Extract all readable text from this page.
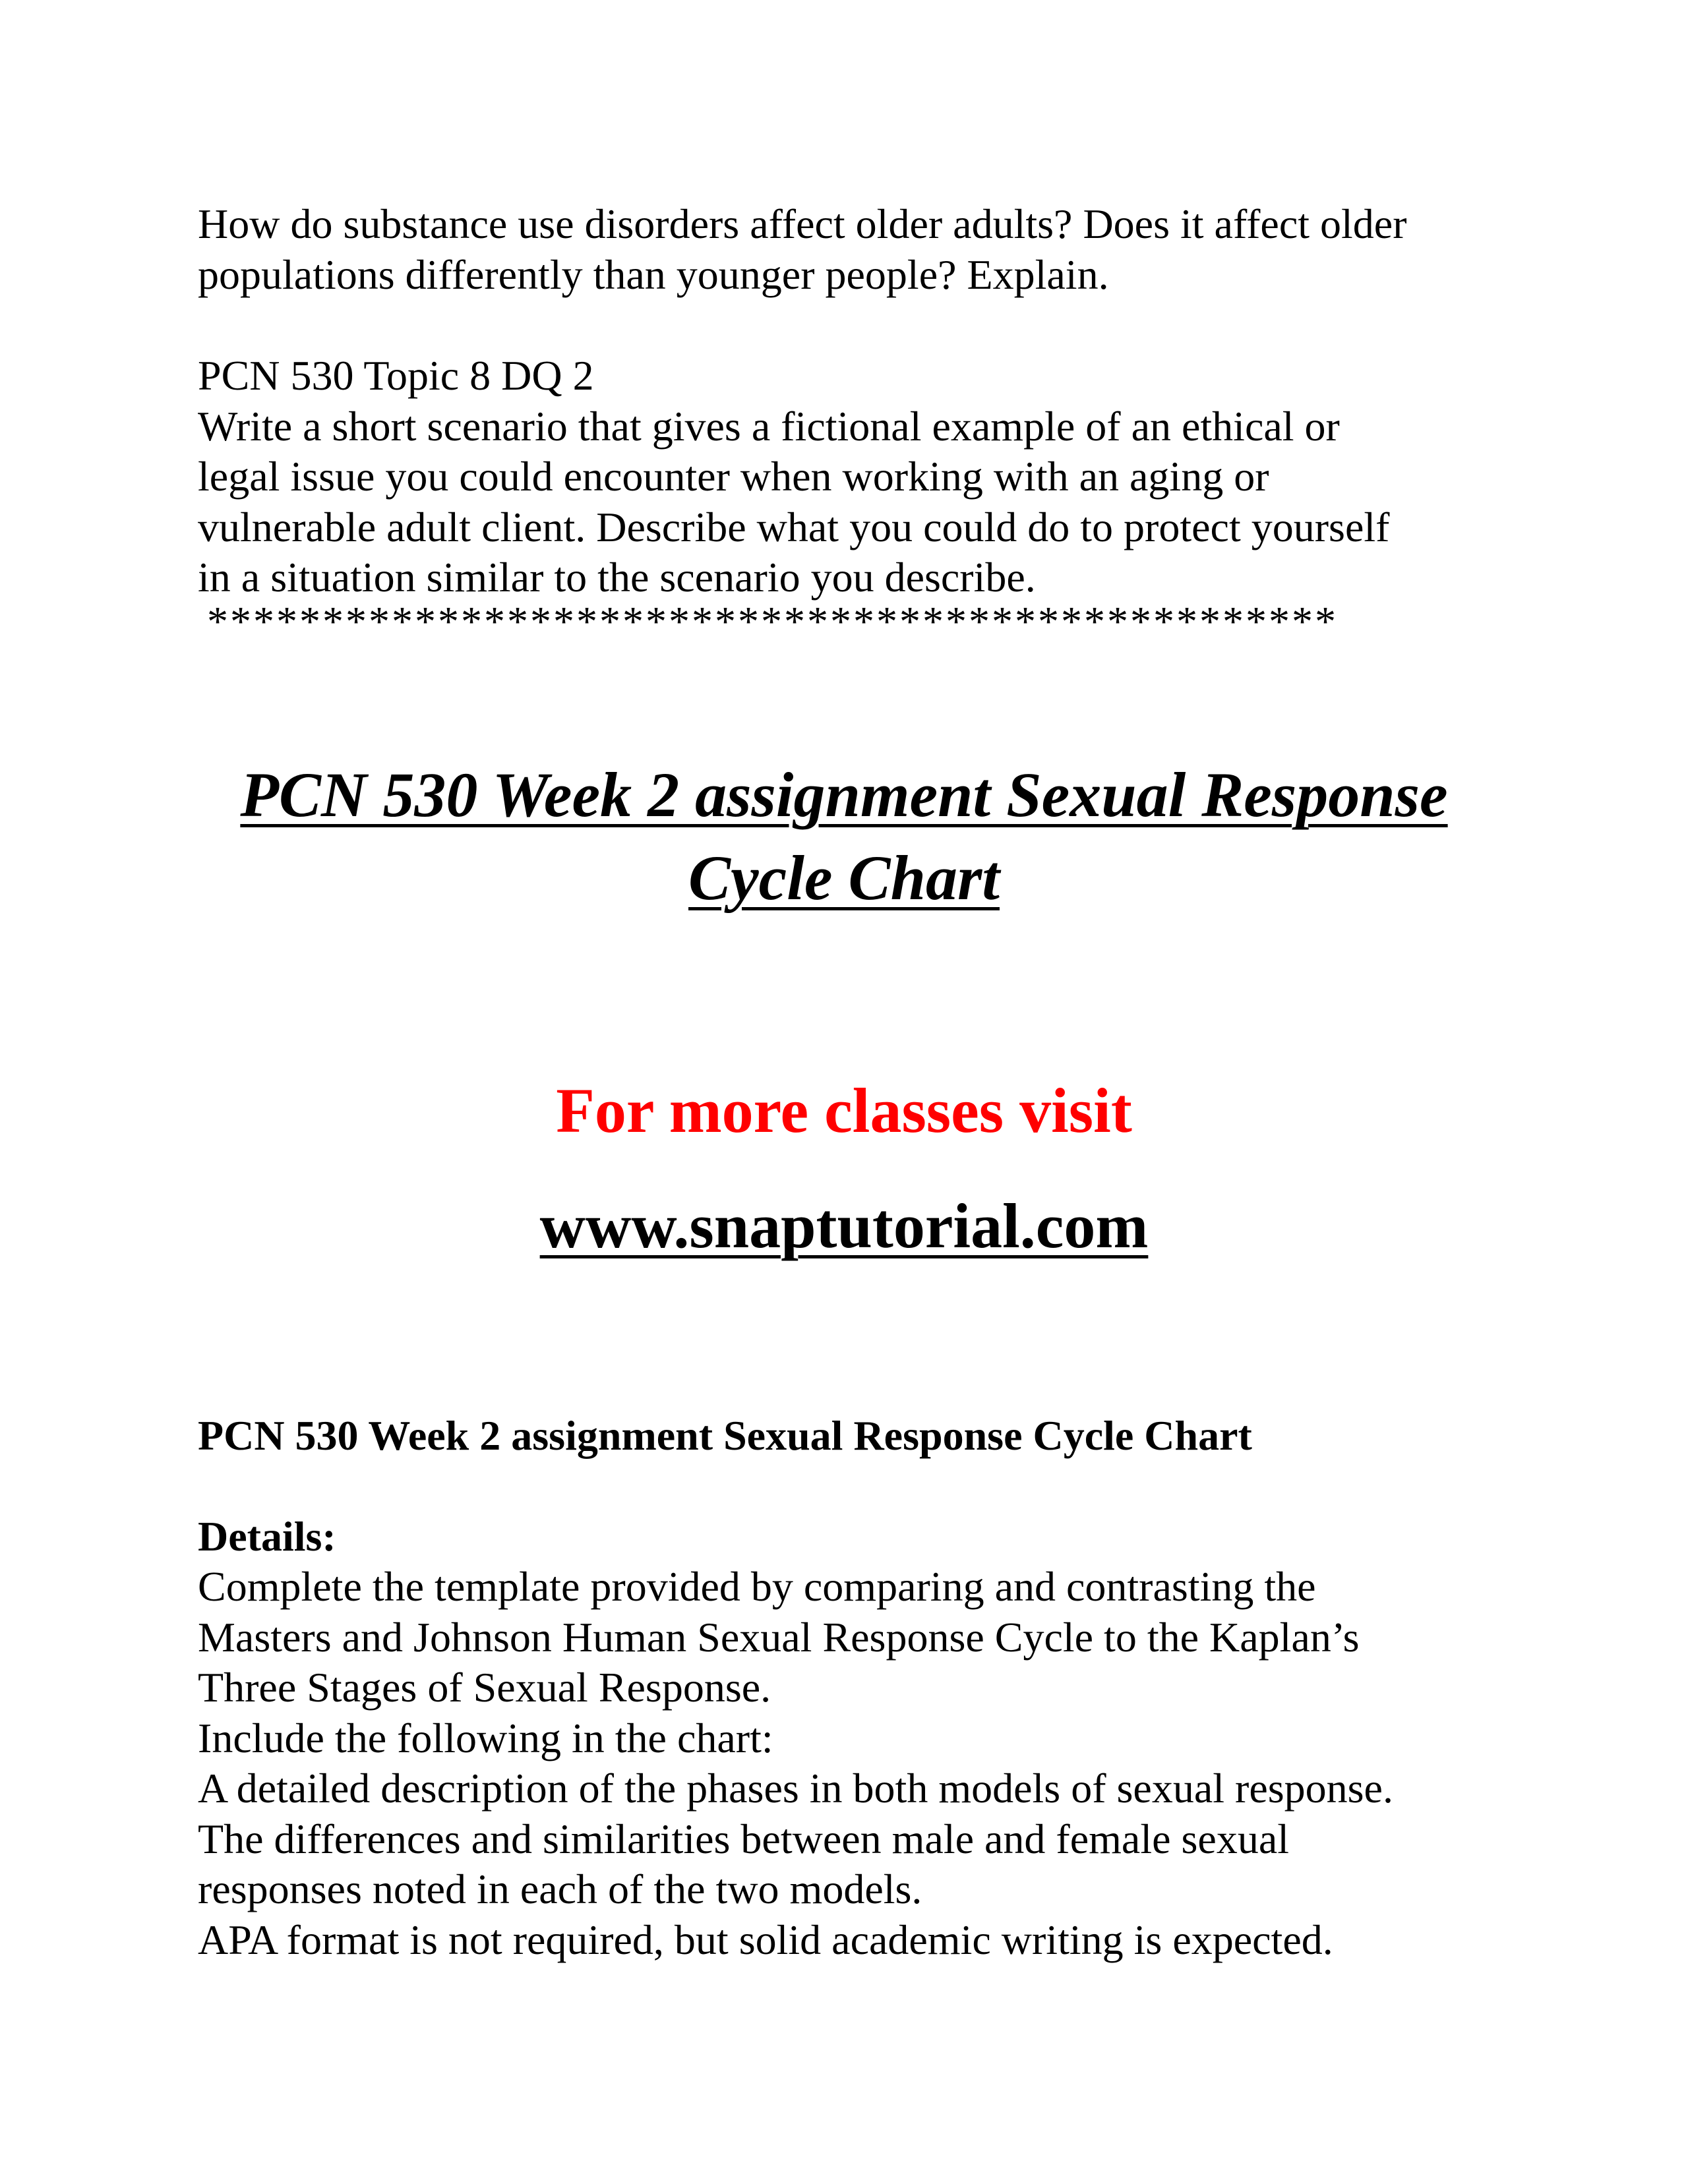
How do substance use disorders affect older adults? Does it affect older
populations differently than younger people? Explain.
PCN 530 Topic 8 DQ 2
Write a short scenario that gives a fictional example of an ethical or
legal issue you could encounter when working with an aging or
vulnerable adult client. Describe what you could do to protect yourself
in a situation similar to the scenario you describe.
*************************************************
PCN 530 Week 2 assignment Sexual Response
Cycle Chart
For more classes visit
www.snaptutorial.com
PCN 530 Week 2 assignment Sexual Response Cycle Chart
Details:
Complete the template provided by comparing and contrasting the
Masters and Johnson Human Sexual Response Cycle to the Kaplan’s
Three Stages of Sexual Response.
Include the following in the chart:
A detailed description of the phases in both models of sexual response.
The differences and similarities between male and female sexual
responses noted in each of the two models.
APA format is not required, but solid academic writing is expected.
